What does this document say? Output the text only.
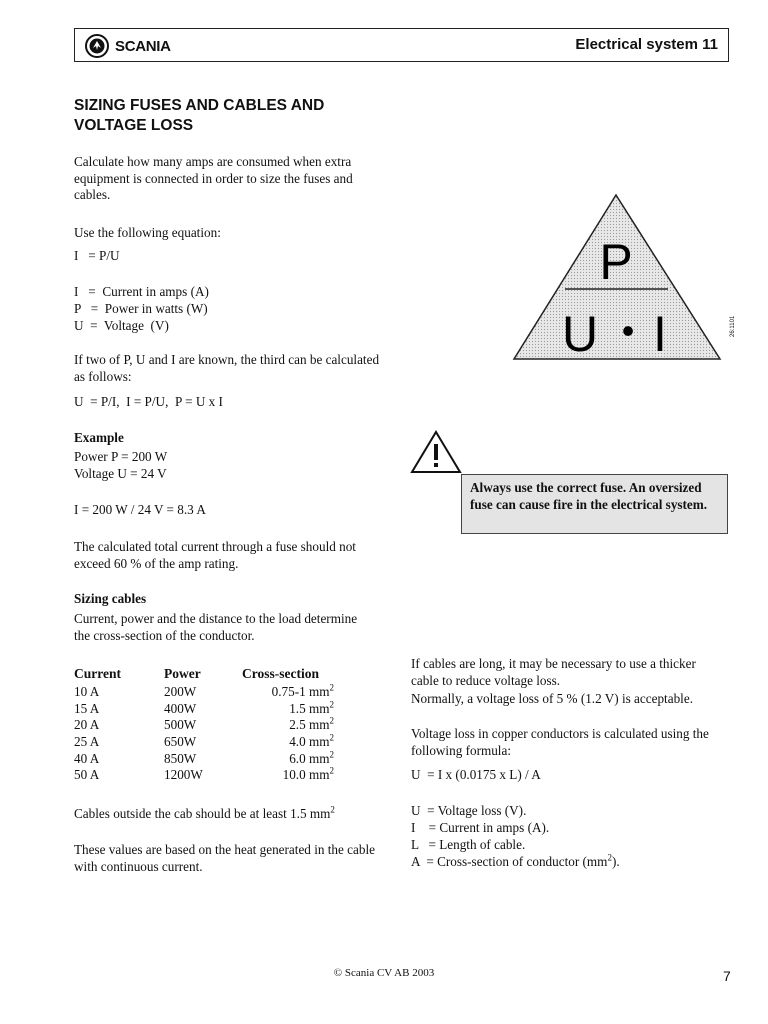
SCANIA	Electrical system 11
SIZING FUSES AND CABLES AND VOLTAGE LOSS
Calculate how many amps are consumed when extra equipment is connected in order to size the fuses and cables.
Use the following equation:
I   = P/U
I   =  Current in amps (A)
P   =  Power in watts (W)
U  =  Voltage  (V)
If two of P, U and I are known, the third can be calculated as follows:
U  = P/I,  I = P/U,  P = U x I
Example
Power P = 200 W
Voltage U = 24 V
I = 200 W / 24 V = 8.3 A
The calculated total current through a fuse should not exceed 60 % of the amp rating.
Sizing cables
Current, power and the distance to the load determine the cross-section of the conductor.
Current	Power	Cross-section
10 A	200W	0.75-1 $mm^2$
15 A	400W	1.5 $mm^2$
20 A	500W	2.5 $mm^2$
25 A	650W	4.0 $mm^2$
40 A	850W	6.0 $mm^2$
50 A	1200W	10.0 $mm^2$
Cables outside the cab should be at least 1.5 $mm^2$
These values are based on the heat generated in the cable with continuous current.
P
U • I	26:1101
Always use the correct fuse. An oversized fuse can cause fire in the electrical system.
If cables are long, it may be necessary to use a thicker cable to reduce voltage loss.
Normally, a voltage loss of 5 % (1.2 V) is acceptable.
Voltage loss in copper conductors is calculated using the following formula:
U  = I x (0.0175 x L) / A
U  = Voltage loss (V).
I    = Current in amps (A).
L   = Length of cable.
A  = Cross-section of conductor $(mm^2)$.
© Scania CV AB 2003	7
